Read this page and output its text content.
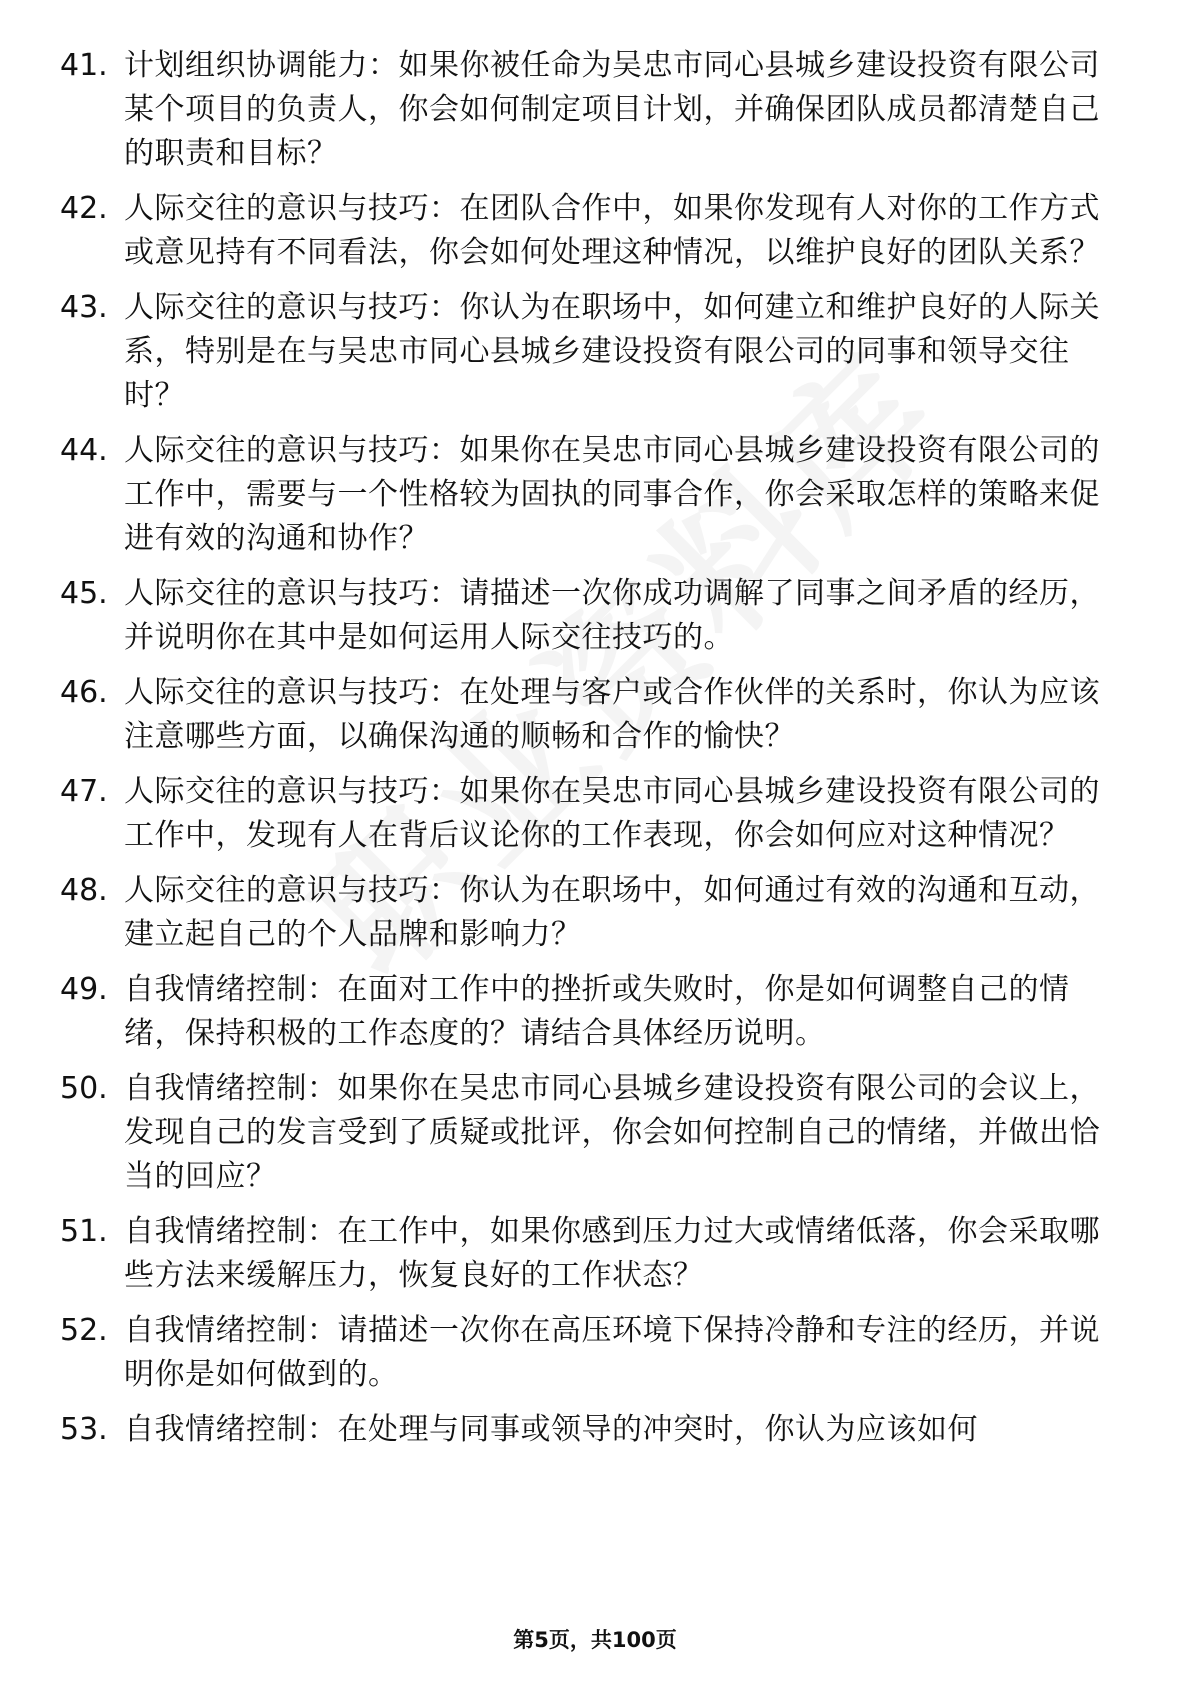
41. 计划组织协调能力：如果你被任命为吴忠市同心县城乡建设投资有限公司某个项目的负责人，你会如何制定项目计划，并确保团队成员都清楚自己的职责和目标？
42. 人际交往的意识与技巧：在团队合作中，如果你发现有人对你的工作方式或意见持有不同看法，你会如何处理这种情况，以维护良好的团队关系？
43. 人际交往的意识与技巧：你认为在职场中，如何建立和维护良好的人际关系，特别是在与吴忠市同心县城乡建设投资有限公司的同事和领导交往时？
44. 人际交往的意识与技巧：如果你在吴忠市同心县城乡建设投资有限公司的工作中，需要与一个性格较为固执的同事合作，你会采取怎样的策略来促进有效的沟通和协作？
45. 人际交往的意识与技巧：请描述一次你成功调解了同事之间矛盾的经历，并说明你在其中是如何运用人际交往技巧的。
46. 人际交往的意识与技巧：在处理与客户或合作伙伴的关系时，你认为应该注意哪些方面，以确保沟通的顺畅和合作的愉快？
47. 人际交往的意识与技巧：如果你在吴忠市同心县城乡建设投资有限公司的工作中，发现有人在背后议论你的工作表现，你会如何应对这种情况？
48. 人际交往的意识与技巧：你认为在职场中，如何通过有效的沟通和互动，建立起自己的个人品牌和影响力？
49. 自我情绪控制：在面对工作中的挫折或失败时，你是如何调整自己的情绪，保持积极的工作态度的？请结合具体经历说明。
50. 自我情绪控制：如果你在吴忠市同心县城乡建设投资有限公司的会议上，发现自己的发言受到了质疑或批评，你会如何控制自己的情绪，并做出恰当的回应？
51. 自我情绪控制：在工作中，如果你感到压力过大或情绪低落，你会采取哪些方法来缓解压力，恢复良好的工作状态？
52. 自我情绪控制：请描述一次你在高压环境下保持冷静和专注的经历，并说明你是如何做到的。
53. 自我情绪控制：在处理与同事或领导的冲突时，你认为应该如何
第5页，共100页
